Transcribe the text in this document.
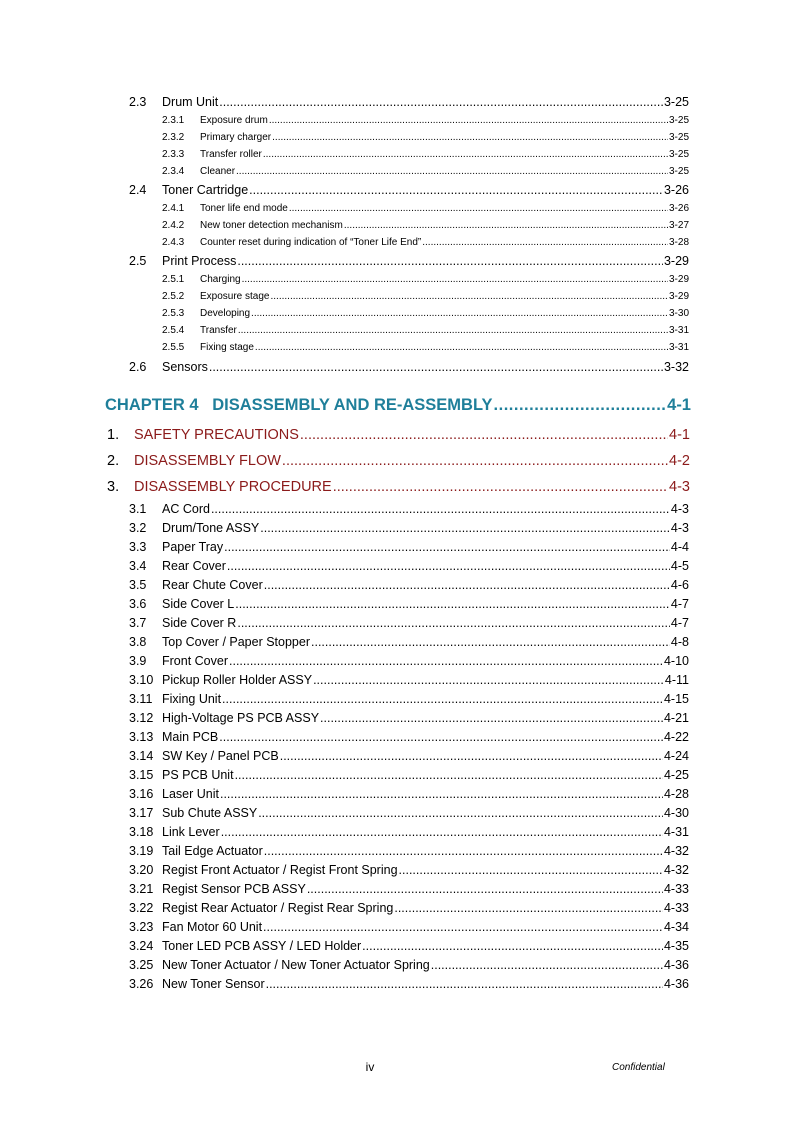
2.3	Drum Unit .....	3-25
2.3.1	Exposure drum .....	3-25
2.3.2	Primary charger .....	3-25
2.3.3	Transfer roller .....	3-25
2.3.4	Cleaner .....	3-25
2.4	Toner Cartridge .....	3-26
2.4.1	Toner life end mode .....	3-26
2.4.2	New toner detection mechanism .....	3-27
2.4.3	Counter reset during indication of “Toner Life End” .....	3-28
2.5	Print Process .....	3-29
2.5.1	Charging .....	3-29
2.5.2	Exposure stage .....	3-29
2.5.3	Developing .....	3-30
2.5.4	Transfer .....	3-31
2.5.5	Fixing stage .....	3-31
2.6	Sensors .....	3-32
CHAPTER 4   DISASSEMBLY AND RE-ASSEMBLY .....	4-1
1.	SAFETY PRECAUTIONS .....	4-1
2.	DISASSEMBLY FLOW .....	4-2
3.	DISASSEMBLY PROCEDURE .....	4-3
3.1	AC Cord .....	4-3
3.2	Drum/Tone ASSY .....	4-3
3.3	Paper Tray .....	4-4
3.4	Rear Cover .....	4-5
3.5	Rear Chute Cover .....	4-6
3.6	Side Cover L .....	4-7
3.7	Side Cover R .....	4-7
3.8	Top Cover / Paper Stopper .....	4-8
3.9	Front Cover .....	4-10
3.10 Pickup Roller Holder ASSY .....	4-11
3.11 Fixing Unit .....	4-15
3.12 High-Voltage PS PCB ASSY .....	4-21
3.13 Main PCB .....	4-22
3.14 SW Key / Panel PCB .....	4-24
3.15 PS PCB Unit .....	4-25
3.16 Laser Unit .....	4-28
3.17 Sub Chute ASSY .....	4-30
3.18 Link Lever .....	4-31
3.19 Tail Edge Actuator .....	4-32
3.20 Regist Front Actuator / Regist Front Spring .....	4-32
3.21 Regist Sensor PCB ASSY .....	4-33
3.22 Regist Rear Actuator / Regist Rear Spring .....	4-33
3.23 Fan Motor 60 Unit .....	4-34
3.24 Toner LED PCB ASSY / LED Holder .....	4-35
3.25 New Toner Actuator / New Toner Actuator Spring .....	4-36
3.26 New Toner Sensor .....	4-36
iv	Confidential
